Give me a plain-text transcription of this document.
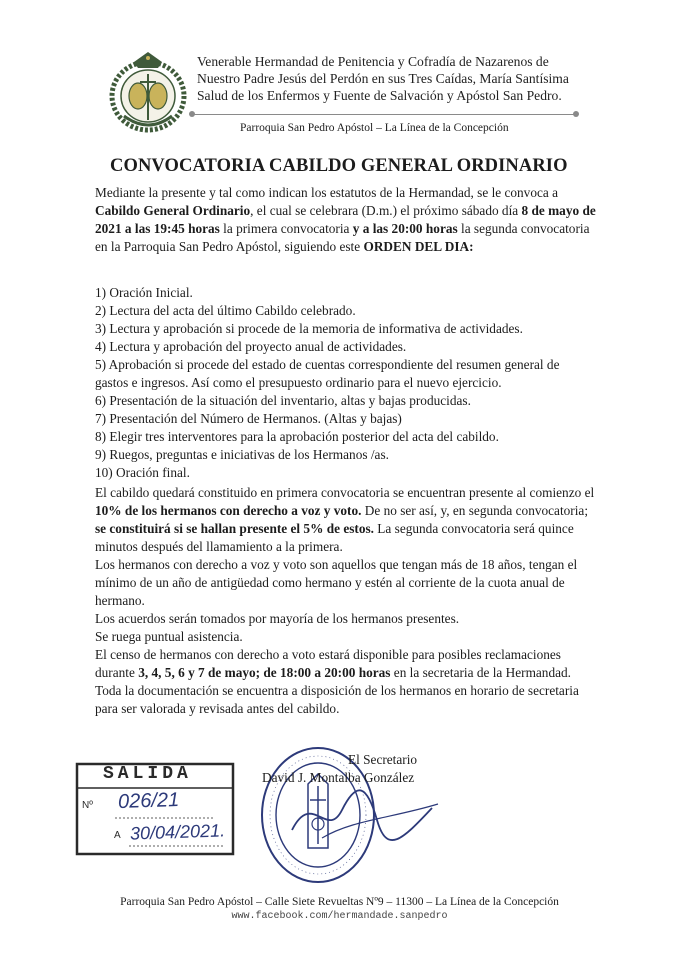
Venerable Hermandad de Penitencia y Cofradía de Nazarenos de
Nuestro Padre Jesús del Perdón en sus Tres Caídas, María Santísima
Salud de los Enfermos y Fuente de Salvación y Apóstol San Pedro.
Parroquia San Pedro Apóstol – La Línea de la Concepción
CONVOCATORIA CABILDO GENERAL ORDINARIO

Mediante la presente y tal como indican los estatutos de la Hermandad, se le convoca a Cabildo General Ordinario, el cual se celebrara (D.m.) el próximo sábado día 8 de mayo de 2021 a las 19:45 horas la primera convocatoria y a las 20:00 horas la segunda convocatoria en la Parroquia San Pedro Apóstol, siguiendo este ORDEN DEL DIA:

1) Oración Inicial.
2) Lectura del acta del último Cabildo celebrado.
3) Lectura y aprobación si procede de la memoria de informativa de actividades.
4) Lectura y aprobación del proyecto anual de actividades.
5) Aprobación si procede del estado de cuentas correspondiente del resumen general de
gastos e ingresos. Así como el presupuesto ordinario para el nuevo ejercicio.
6) Presentación de la situación del inventario, altas y bajas producidas.
7) Presentación del Número de Hermanos. (Altas y bajas)
8) Elegir tres interventores para la aprobación posterior del acta del cabildo.
9) Ruegos, preguntas e iniciativas de los Hermanos /as.
10) Oración final.

El cabildo quedará constituido en primera convocatoria se encuentran presente al comienzo el 10% de los hermanos con derecho a voz y voto. De no ser así, y, en segunda convocatoria; se constituirá si se hallan presente el 5% de estos. La segunda convocatoria será quince minutos después del llamamiento a la primera.

Los hermanos con derecho a voz y voto son aquellos que tengan más de 18 años, tengan el mínimo de un año de antigüedad como hermano y estén al corriente de la cuota anual de hermano.

Los acuerdos serán tomados por mayoría de los hermanos presentes.

Se ruega puntual asistencia.

El censo de hermanos con derecho a voto estará disponible para posibles reclamaciones durante 3, 4, 5, 6 y 7 de mayo; de 18:00 a 20:00 horas en la secretaria de la Hermandad.

Toda la documentación se encuentra a disposición de los hermanos en horario de secretaria para ser valorada y revisada antes del cabildo.

SALIDA
Nº 026/21
A 30/04/2021.
El Secretario
David J. Montalba González
Parroquia San Pedro Apóstol – Calle Siete Revueltas Nº9 – 11300 – La Línea de la Concepción
www.facebook.com/hermandade.sanpedro
